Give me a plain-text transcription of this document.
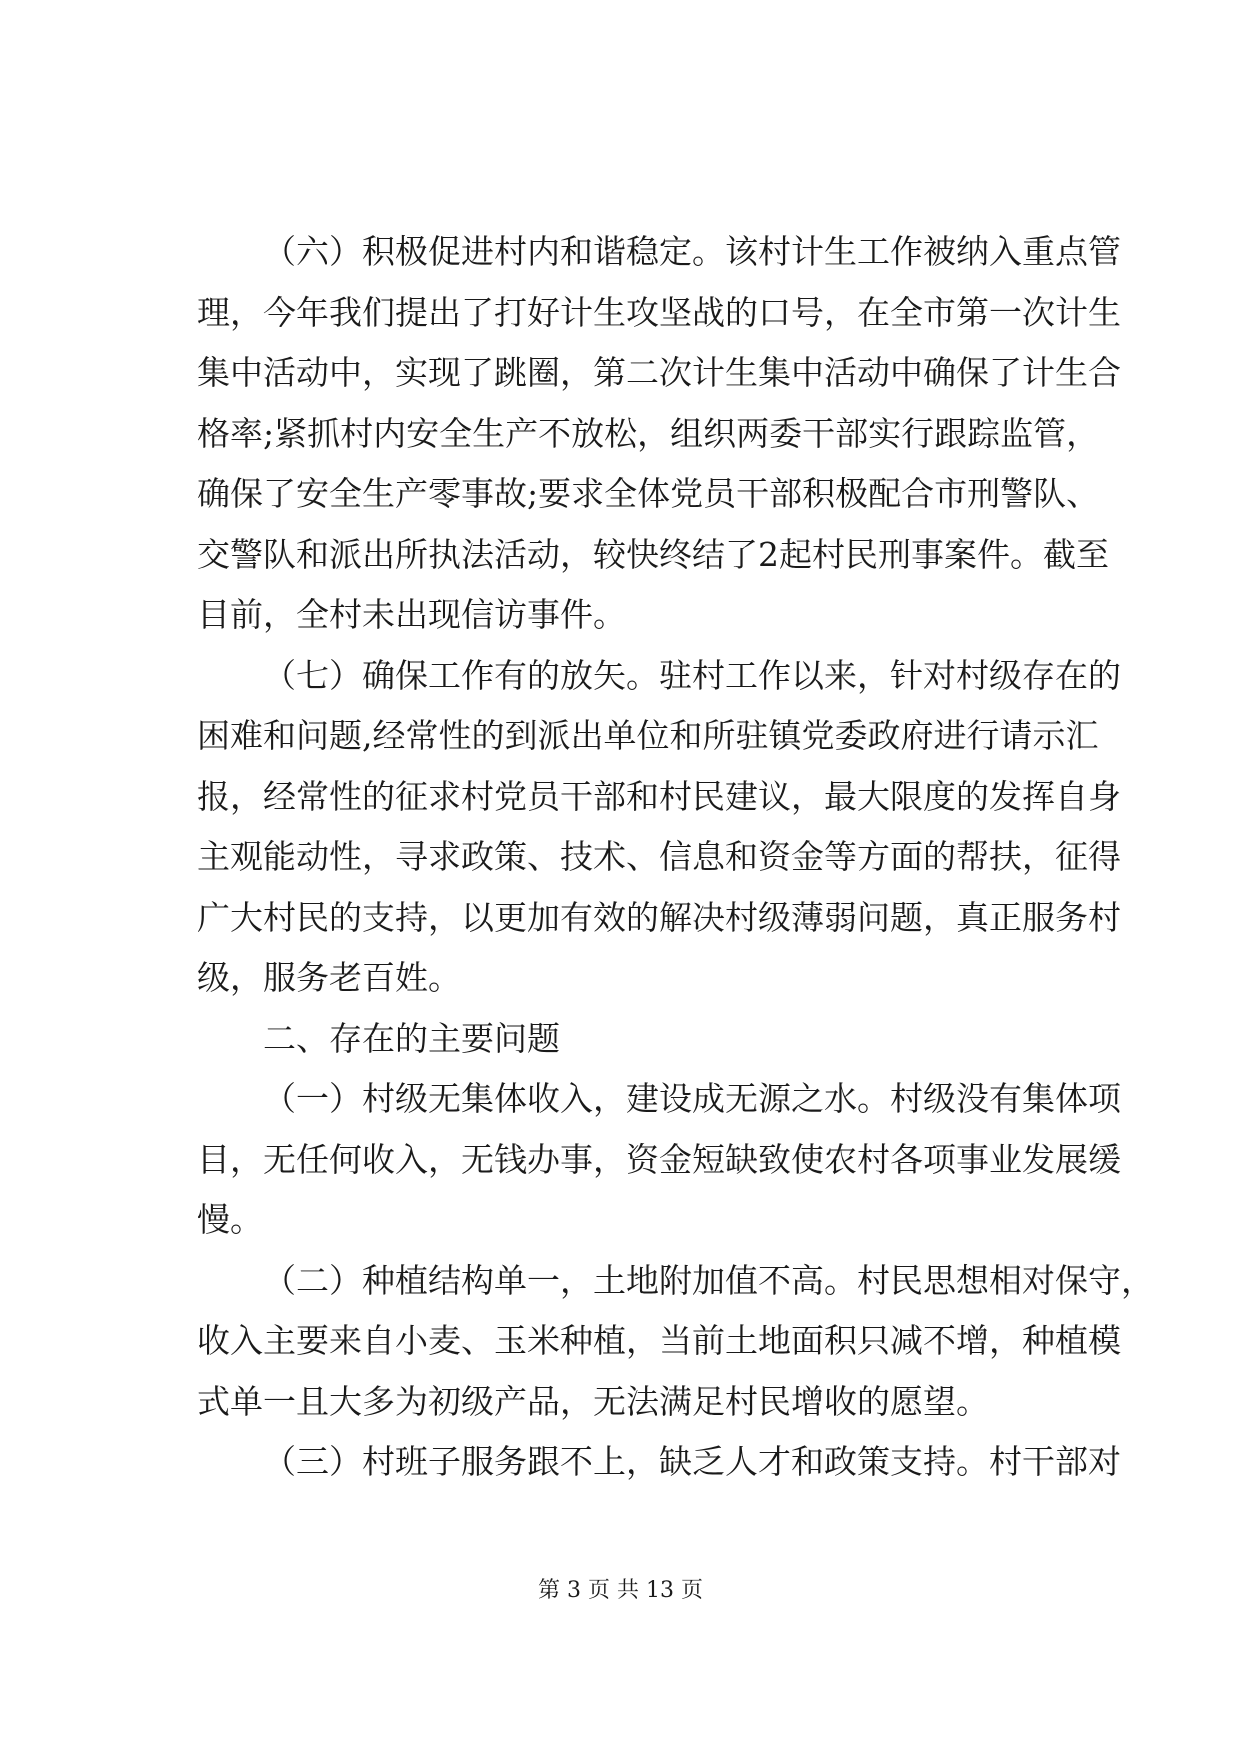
（六）积极促进村内和谐稳定。该村计生工作被纳入重点管
理，今年我们提出了打好计生攻坚战的口号，在全市第一次计生
集中活动中，实现了跳圈，第二次计生集中活动中确保了计生合
格率;紧抓村内安全生产不放松，组织两委干部实行跟踪监管，
确保了安全生产零事故;要求全体党员干部积极配合市刑警队、
交警队和派出所执法活动，较快终结了2起村民刑事案件。截至
目前，全村未出现信访事件。
（七）确保工作有的放矢。驻村工作以来，针对村级存在的
困难和问题,经常性的到派出单位和所驻镇党委政府进行请示汇
报，经常性的征求村党员干部和村民建议，最大限度的发挥自身
主观能动性，寻求政策、技术、信息和资金等方面的帮扶，征得
广大村民的支持，以更加有效的解决村级薄弱问题，真正服务村
级，服务老百姓。
二、存在的主要问题
（一）村级无集体收入，建设成无源之水。村级没有集体项
目，无任何收入，无钱办事，资金短缺致使农村各项事业发展缓
慢。
（二）种植结构单一，土地附加值不高。村民思想相对保守，
收入主要来自小麦、玉米种植，当前土地面积只减不增，种植模
式单一且大多为初级产品，无法满足村民增收的愿望。
（三）村班子服务跟不上，缺乏人才和政策支持。村干部对
第 3 页 共 13 页
